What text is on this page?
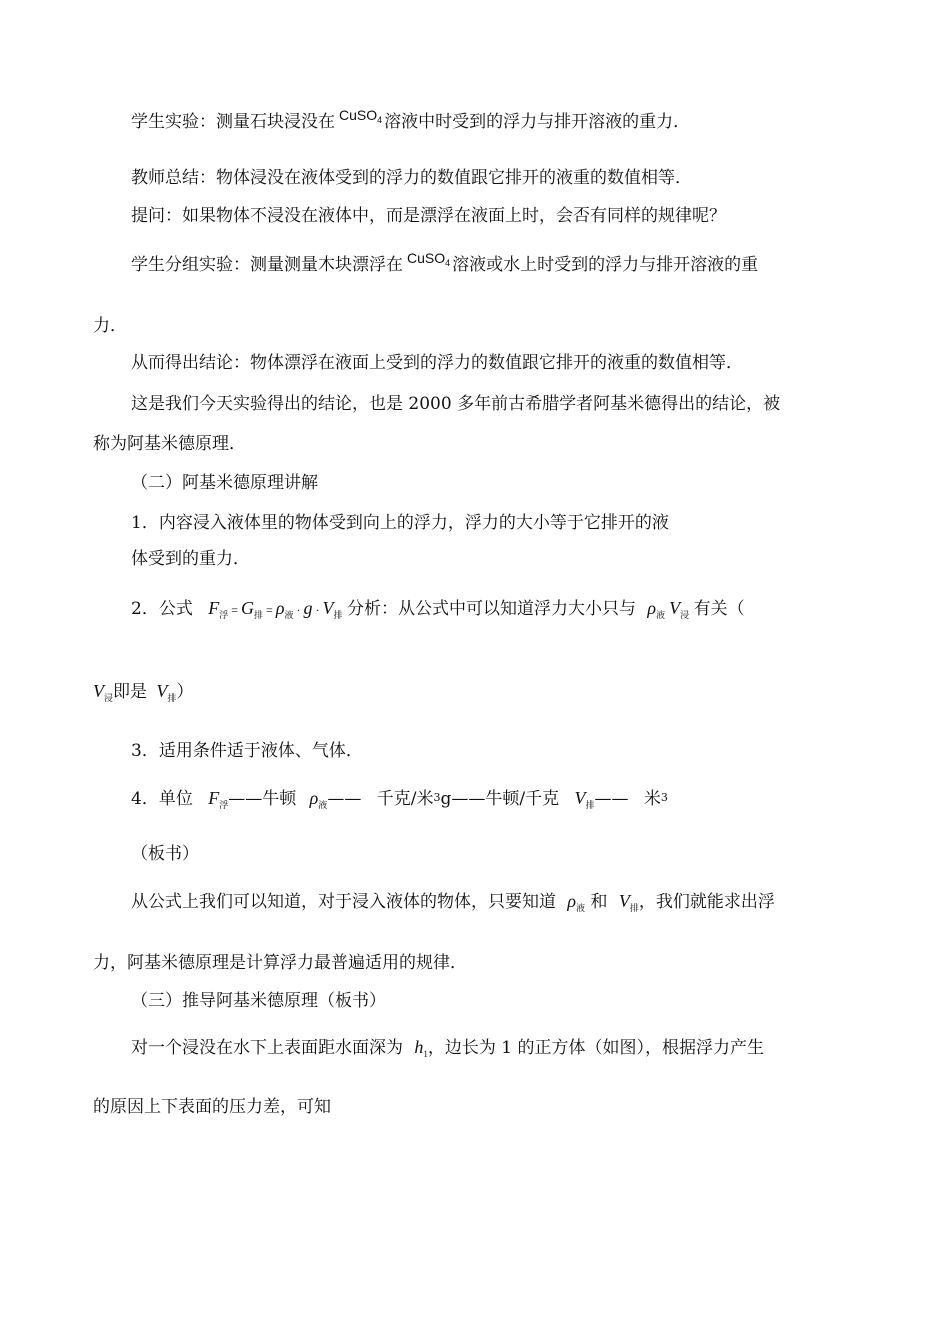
学生实验：测量石块浸没在 $^{CuSO_4}$ 溶液中时受到的浮力与排开溶液的重力．
教师总结：物体浸没在液体受到的浮力的数值跟它排开的液重的数值相等．
提问：如果物体不浸没在液体中，而是漂浮在液面上时，会否有同样的规律呢？
学生分组实验：测量测量木块漂浮在 $^{CuSO_4}$ 溶液或水上时受到的浮力与排开溶液的重
力．
从而得出结论：物体漂浮在液面上受到的浮力的数值跟它排开的液重的数值相等．
这是我们今天实验得出的结论，也是 2000 多年前古希腊学者阿基米德得出的结论，被
称为阿基米德原理．
（二）阿基米德原理讲解
1．内容浸入液体里的物体受到向上的浮力，浮力的大小等于它排开的液
体受到的重力．
2．公式 $F_浮 = G_排 = \rho_液 \cdot g \cdot V_排$ 分析：从公式中可以知道浮力大小只与 $\rho_液$ $V_浸$ 有关（
$V_浸$即是 $V_排$）
3．适用条件适于液体、气体．
4．单位 $F_浮——$牛顿 $\rho_液——$ 千克/米3g——牛顿/千克 $V_排——$ 米3
（板书）
从公式上我们可以知道，对于浸入液体的物体，只要知道 $\rho_液$ 和 $V_排$，我们就能求出浮
力，阿基米德原理是计算浮力最普遍适用的规律．
（三）推导阿基米德原理（板书）
对一个浸没在水下上表面距水面深为 $h_1$，边长为 1 的正方体（如图），根据浮力产生
的原因上下表面的压力差，可知
